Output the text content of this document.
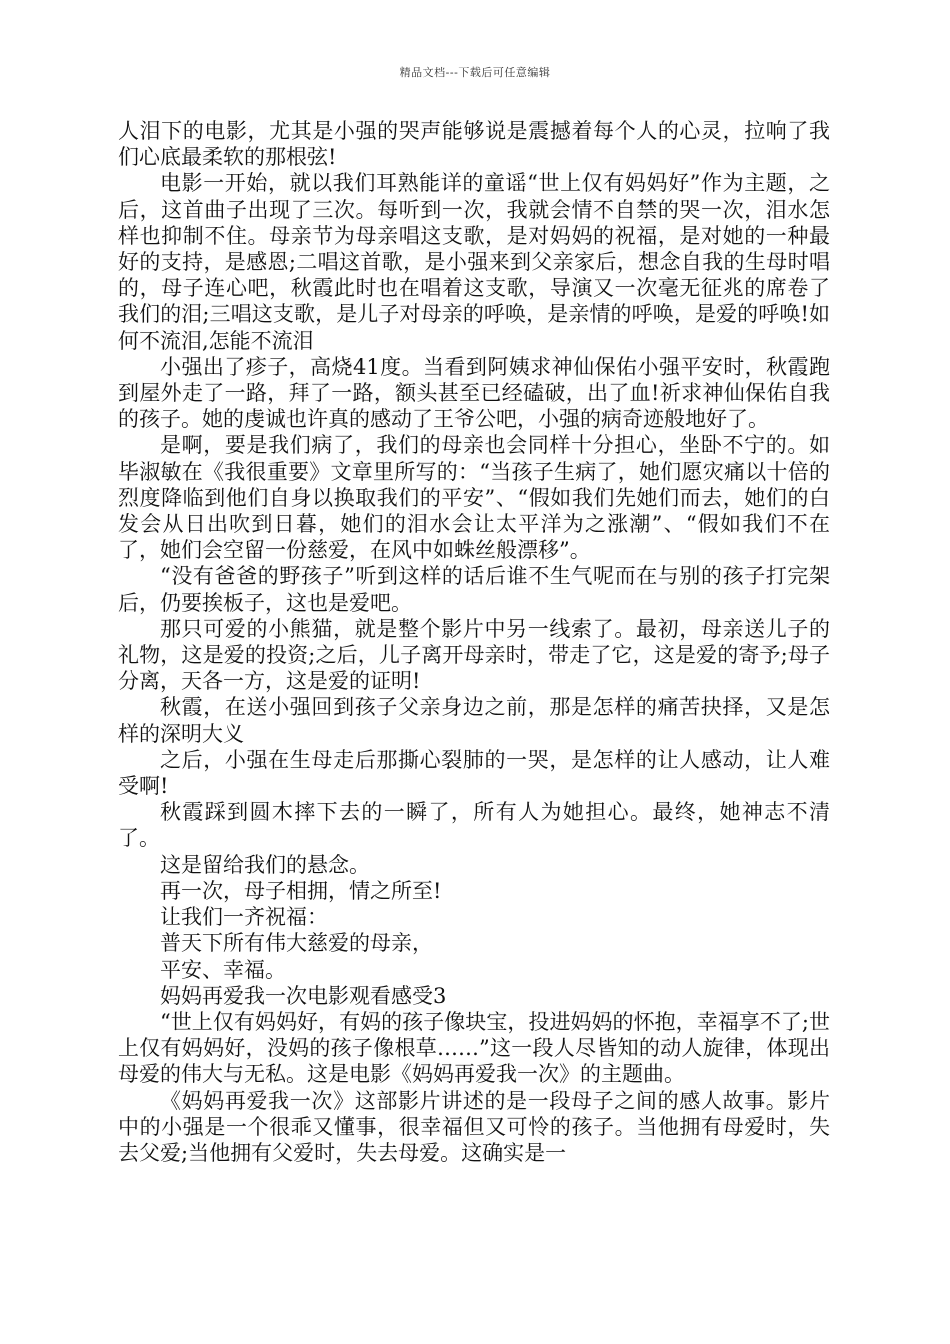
精品文档---下载后可任意编辑

人泪下的电影，尤其是小强的哭声能够说是震撼着每个人的心灵，拉响了我们心底最柔软的那根弦!

电影一开始，就以我们耳熟能详的童谣“世上仅有妈妈好”作为主题，之后，这首曲子出现了三次。每听到一次，我就会情不自禁的哭一次，泪水怎样也抑制不住。母亲节为母亲唱这支歌，是对妈妈的祝福，是对她的一种最好的支持，是感恩;二唱这首歌，是小强来到父亲家后，想念自我的生母时唱的，母子连心吧，秋霞此时也在唱着这支歌，导演又一次毫无征兆的席卷了我们的泪;三唱这支歌，是儿子对母亲的呼唤，是亲情的呼唤，是爱的呼唤!如何不流泪,怎能不流泪

小强出了疹子，高烧41度。当看到阿姨求神仙保佑小强平安时，秋霞跑到屋外走了一路，拜了一路，额头甚至已经磕破，出了血!祈求神仙保佑自我的孩子。她的虔诚也许真的感动了王爷公吧，小强的病奇迹般地好了。

是啊，要是我们病了，我们的母亲也会同样十分担心，坐卧不宁的。如毕淑敏在《我很重要》文章里所写的：“当孩子生病了，她们愿灾痛以十倍的烈度降临到他们自身以换取我们的平安”、“假如我们先她们而去，她们的白发会从日出吹到日暮，她们的泪水会让太平洋为之涨潮”、“假如我们不在了，她们会空留一份慈爱，在风中如蛛丝般漂移”。

“没有爸爸的野孩子”听到这样的话后谁不生气呢而在与别的孩子打完架后，仍要挨板子，这也是爱吧。

那只可爱的小熊猫，就是整个影片中另一线索了。最初，母亲送儿子的礼物，这是爱的投资;之后，儿子离开母亲时，带走了它，这是爱的寄予;母子分离，天各一方，这是爱的证明!

秋霞，在送小强回到孩子父亲身边之前，那是怎样的痛苦抉择，又是怎样的深明大义

之后，小强在生母走后那撕心裂肺的一哭，是怎样的让人感动，让人难受啊!

秋霞踩到圆木摔下去的一瞬了，所有人为她担心。最终，她神志不清了。

这是留给我们的悬念。

再一次，母子相拥，情之所至!

让我们一齐祝福：

普天下所有伟大慈爱的母亲，

平安、幸福。

妈妈再爱我一次电影观看感受3

“世上仅有妈妈好，有妈的孩子像块宝，投进妈妈的怀抱，幸福享不了;世上仅有妈妈好，没妈的孩子像根草……”这一段人尽皆知的动人旋律，体现出母爱的伟大与无私。这是电影《妈妈再爱我一次》的主题曲。

《妈妈再爱我一次》这部影片讲述的是一段母子之间的感人故事。影片中的小强是一个很乖又懂事，很幸福但又可怜的孩子。当他拥有母爱时，失去父爱;当他拥有父爱时，失去母爱。这确实是一
